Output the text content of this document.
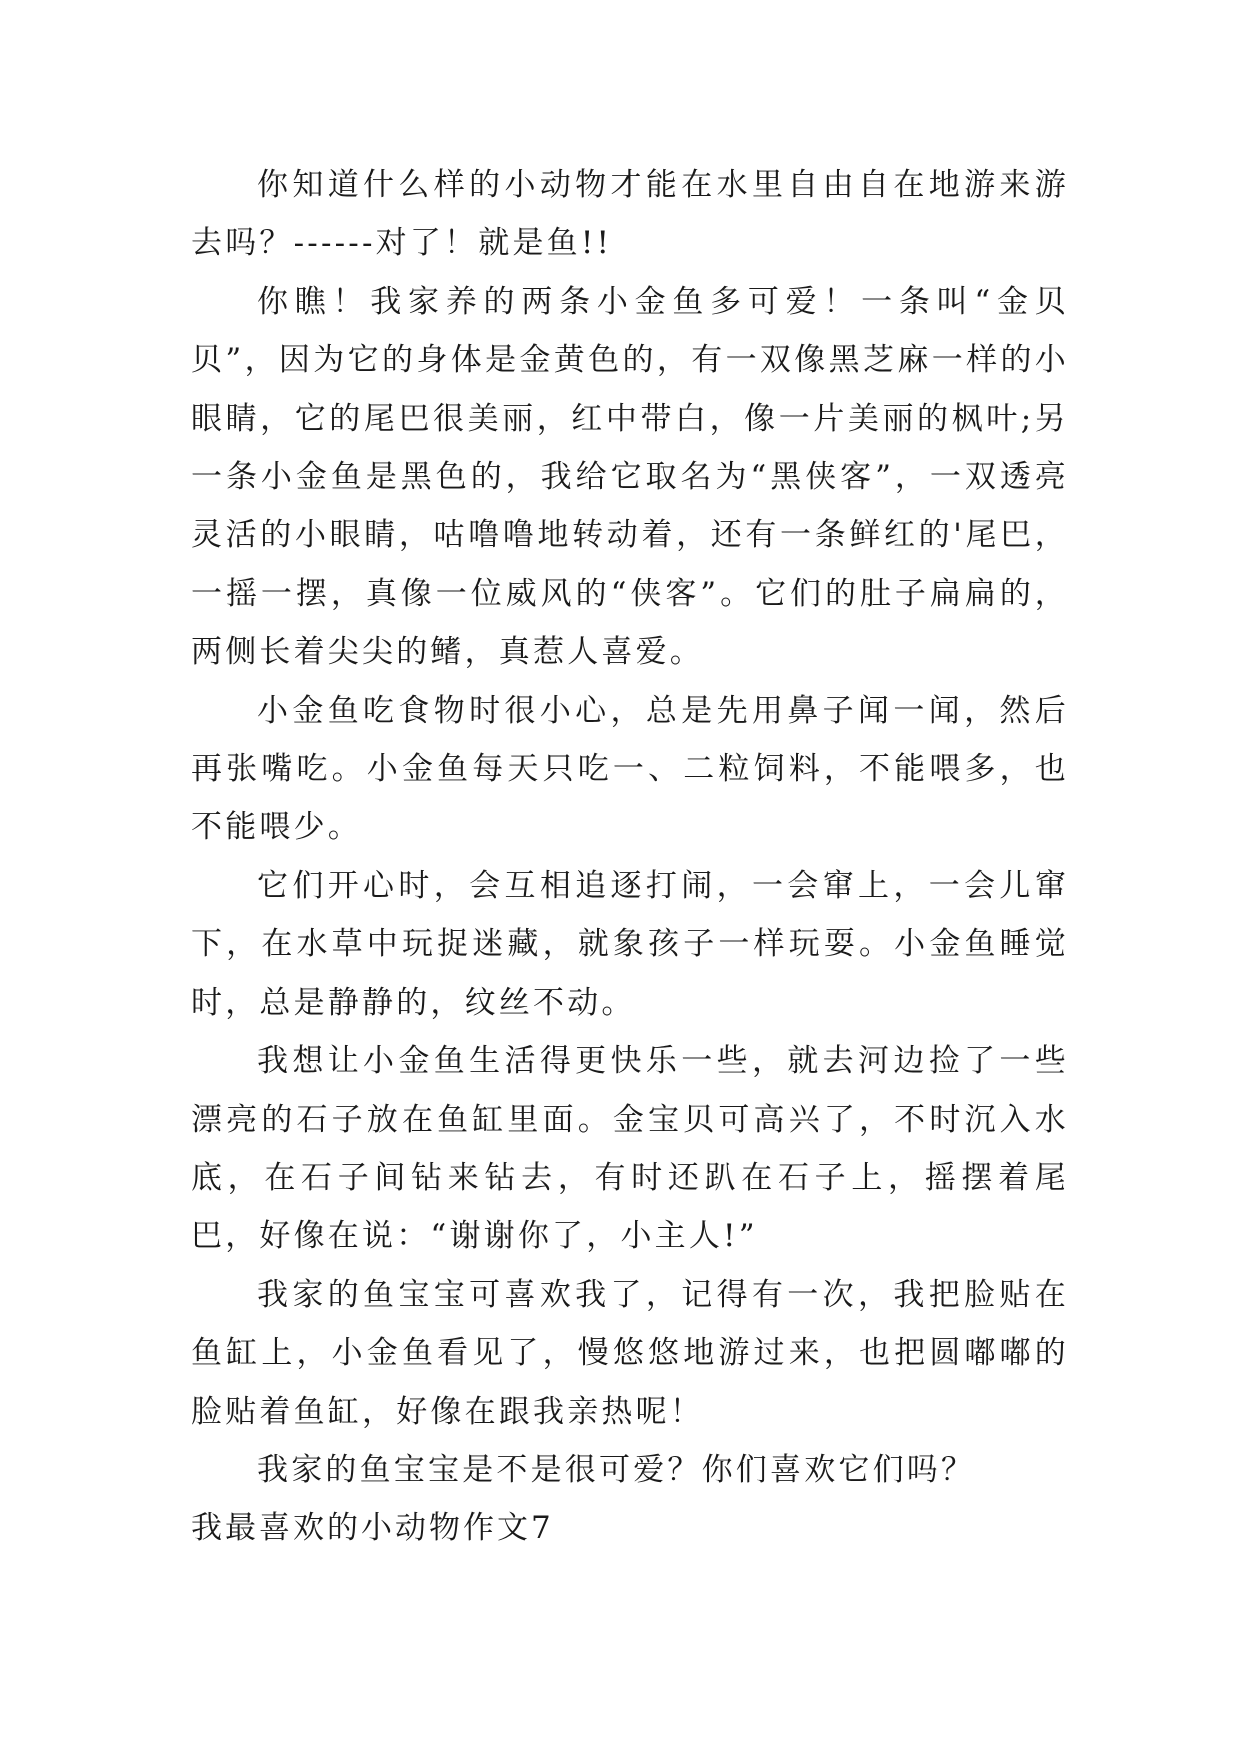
你知道什么样的小动物才能在水里自由自在地游来游去吗？------对了！就是鱼!!

你瞧！我家养的两条小金鱼多可爱！一条叫“金贝贝”，因为它的身体是金黄色的，有一双像黑芝麻一样的小眼睛，它的尾巴很美丽，红中带白，像一片美丽的枫叶;另一条小金鱼是黑色的，我给它取名为“黑侠客”，一双透亮灵活的小眼睛，咕噜噜地转动着，还有一条鲜红的'尾巴，一摇一摆，真像一位威风的“侠客”。它们的肚子扁扁的，两侧长着尖尖的鳍，真惹人喜爱。

小金鱼吃食物时很小心，总是先用鼻子闻一闻，然后再张嘴吃。小金鱼每天只吃一、二粒饲料，不能喂多，也不能喂少。

它们开心时，会互相追逐打闹，一会窜上，一会儿窜下，在水草中玩捉迷藏，就象孩子一样玩耍。小金鱼睡觉时，总是静静的，纹丝不动。

我想让小金鱼生活得更快乐一些，就去河边捡了一些漂亮的石子放在鱼缸里面。金宝贝可高兴了，不时沉入水底，在石子间钻来钻去，有时还趴在石子上，摇摆着尾巴，好像在说：“谢谢你了，小主人!”

我家的鱼宝宝可喜欢我了，记得有一次，我把脸贴在鱼缸上，小金鱼看见了，慢悠悠地游过来，也把圆嘟嘟的脸贴着鱼缸，好像在跟我亲热呢！

我家的鱼宝宝是不是很可爱？你们喜欢它们吗？

我最喜欢的小动物作文7
